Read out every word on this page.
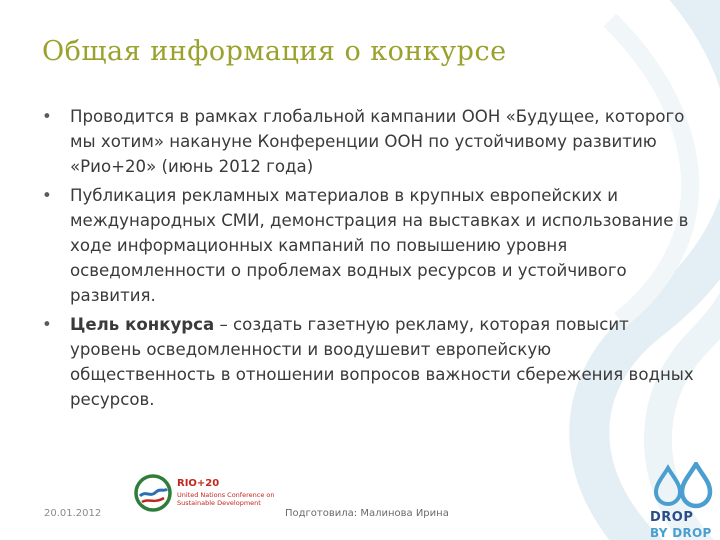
Общая информация о конкурсе
• Проводится в рамках глобальной кампании ООН «Будущее, которого мы хотим» накануне Конференции ООН по устойчивому развитию «Рио+20» (июнь 2012 года)
• Публикация рекламных материалов в крупных европейских и международных СМИ, демонстрация на выставках и использование в ходе информационных кампаний по повышению уровня осведомленности о проблемах водных ресурсов и устойчивого развития.
• Цель конкурса – создать газетную рекламу, которая повысит уровень осведомленности и воодушевит европейскую общественность в отношении вопросов важности сбережения водных ресурсов.
20.01.2012
RIO+20
United Nations Conference on Sustainable Development
Подготовила: Малинова Ирина	DROP
BY DROP
